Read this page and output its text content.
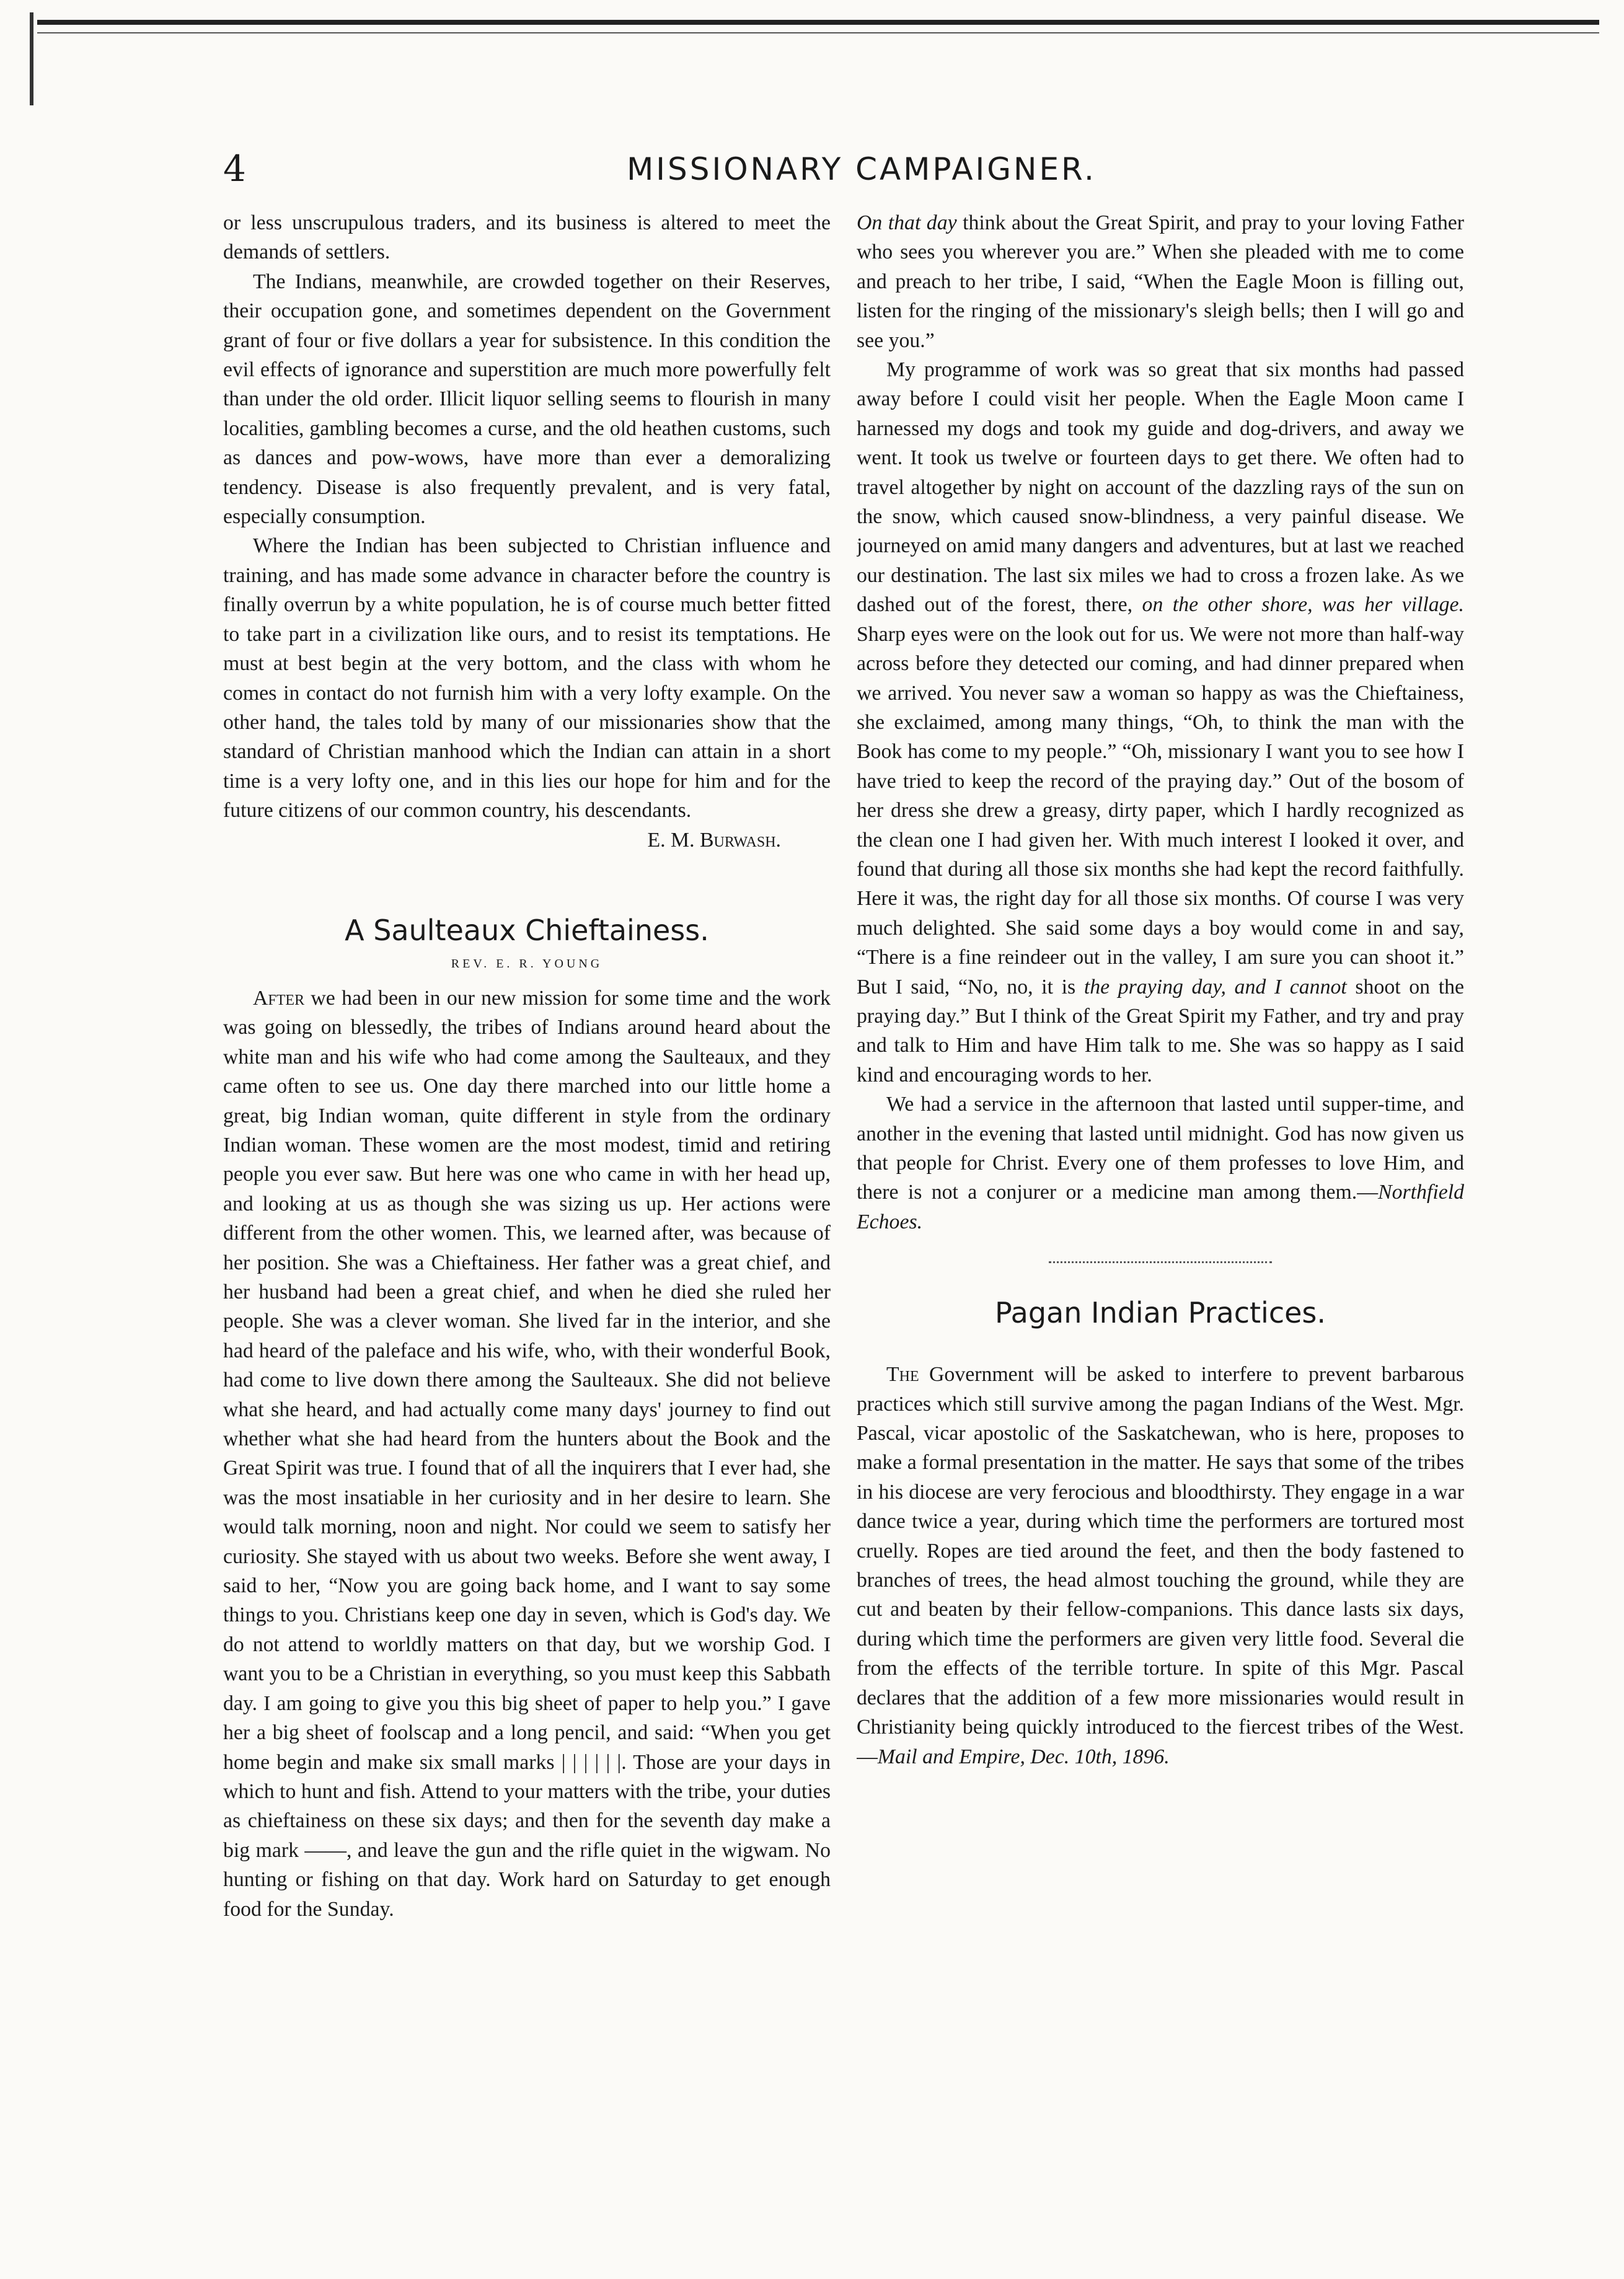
4	MISSIONARY CAMPAIGNER.

or less unscrupulous traders, and its business is altered to meet the demands of settlers.

The Indians, meanwhile, are crowded together on their Reserves, their occupation gone, and sometimes dependent on the Government grant of four or five dollars a year for subsistence. In this condition the evil effects of ignorance and superstition are much more powerfully felt than under the old order. Illicit liquor selling seems to flourish in many localities, gambling becomes a curse, and the old heathen customs, such as dances and pow-wows, have more than ever a demoralizing tendency. Disease is also frequently prevalent, and is very fatal, especially consumption.

Where the Indian has been subjected to Christian influence and training, and has made some advance in character before the country is finally overrun by a white population, he is of course much better fitted to take part in a civilization like ours, and to resist its temptations. He must at best begin at the very bottom, and the class with whom he comes in contact do not furnish him with a very lofty example. On the other hand, the tales told by many of our missionaries show that the standard of Christian manhood which the Indian can attain in a short time is a very lofty one, and in this lies our hope for him and for the future citizens of our common country, his descendants.

E. M. Burwash.

A Saulteaux Chieftainess.
REV. E. R. YOUNG

After we had been in our new mission for some time and the work was going on blessedly, the tribes of Indians around heard about the white man and his wife who had come among the Saulteaux, and they came often to see us. One day there marched into our little home a great, big Indian woman, quite different in style from the ordinary Indian woman. These women are the most modest, timid and retiring people you ever saw. But here was one who came in with her head up, and looking at us as though she was sizing us up. Her actions were different from the other women. This, we learned after, was because of her position. She was a Chieftainess. Her father was a great chief, and her husband had been a great chief, and when he died she ruled her people. She was a clever woman. She lived far in the interior, and she had heard of the paleface and his wife, who, with their wonderful Book, had come to live down there among the Saulteaux. She did not believe what she heard, and had actually come many days' journey to find out whether what she had heard from the hunters about the Book and the Great Spirit was true. I found that of all the inquirers that I ever had, she was the most insatiable in her curiosity and in her desire to learn. She would talk morning, noon and night. Nor could we seem to satisfy her curiosity. She stayed with us about two weeks. Before she went away, I said to her, “Now you are going back home, and I want to say some things to you. Christians keep one day in seven, which is God's day. We do not attend to worldly matters on that day, but we worship God. I want you to be a Christian in everything, so you must keep this Sabbath day. I am going to give you this big sheet of paper to help you.” I gave her a big sheet of foolscap and a long pencil, and said: “When you get home begin and make six small marks | | | | | |. Those are your days in which to hunt and fish. Attend to your matters with the tribe, your duties as chieftainess on these six days; and then for the seventh day make a big mark ——, and leave the gun and the rifle quiet in the wigwam. No hunting or fishing on that day. Work hard on Saturday to get enough food for the Sunday.

On that day think about the Great Spirit, and pray to your loving Father who sees you wherever you are.” When she pleaded with me to come and preach to her tribe, I said, “When the Eagle Moon is filling out, listen for the ringing of the missionary's sleigh bells; then I will go and see you.”

My programme of work was so great that six months had passed away before I could visit her people. When the Eagle Moon came I harnessed my dogs and took my guide and dog-drivers, and away we went. It took us twelve or fourteen days to get there. We often had to travel altogether by night on account of the dazzling rays of the sun on the snow, which caused snow-blindness, a very painful disease. We journeyed on amid many dangers and adventures, but at last we reached our destination. The last six miles we had to cross a frozen lake. As we dashed out of the forest, there, on the other shore, was her village. Sharp eyes were on the look out for us. We were not more than half-way across before they detected our coming, and had dinner prepared when we arrived. You never saw a woman so happy as was the Chieftainess, she exclaimed, among many things, “Oh, to think the man with the Book has come to my people.” “Oh, missionary I want you to see how I have tried to keep the record of the praying day.” Out of the bosom of her dress she drew a greasy, dirty paper, which I hardly recognized as the clean one I had given her. With much interest I looked it over, and found that during all those six months she had kept the record faithfully. Here it was, the right day for all those six months. Of course I was very much delighted. She said some days a boy would come in and say, “There is a fine reindeer out in the valley, I am sure you can shoot it.” But I said, “No, no, it is the praying day, and I cannot shoot on the praying day.” But I think of the Great Spirit my Father, and try and pray and talk to Him and have Him talk to me. She was so happy as I said kind and encouraging words to her.

We had a service in the afternoon that lasted until supper-time, and another in the evening that lasted until midnight. God has now given us that people for Christ. Every one of them professes to love Him, and there is not a conjurer or a medicine man among them.—Northfield Echoes.

Pagan Indian Practices.

The Government will be asked to interfere to prevent barbarous practices which still survive among the pagan Indians of the West. Mgr. Pascal, vicar apostolic of the Saskatchewan, who is here, proposes to make a formal presentation in the matter. He says that some of the tribes in his diocese are very ferocious and bloodthirsty. They engage in a war dance twice a year, during which time the performers are tortured most cruelly. Ropes are tied around the feet, and then the body fastened to branches of trees, the head almost touching the ground, while they are cut and beaten by their fellow-companions. This dance lasts six days, during which time the performers are given very little food. Several die from the effects of the terrible torture. In spite of this Mgr. Pascal declares that the addition of a few more missionaries would result in Christianity being quickly introduced to the fiercest tribes of the West.—Mail and Empire, Dec. 10th, 1896.
